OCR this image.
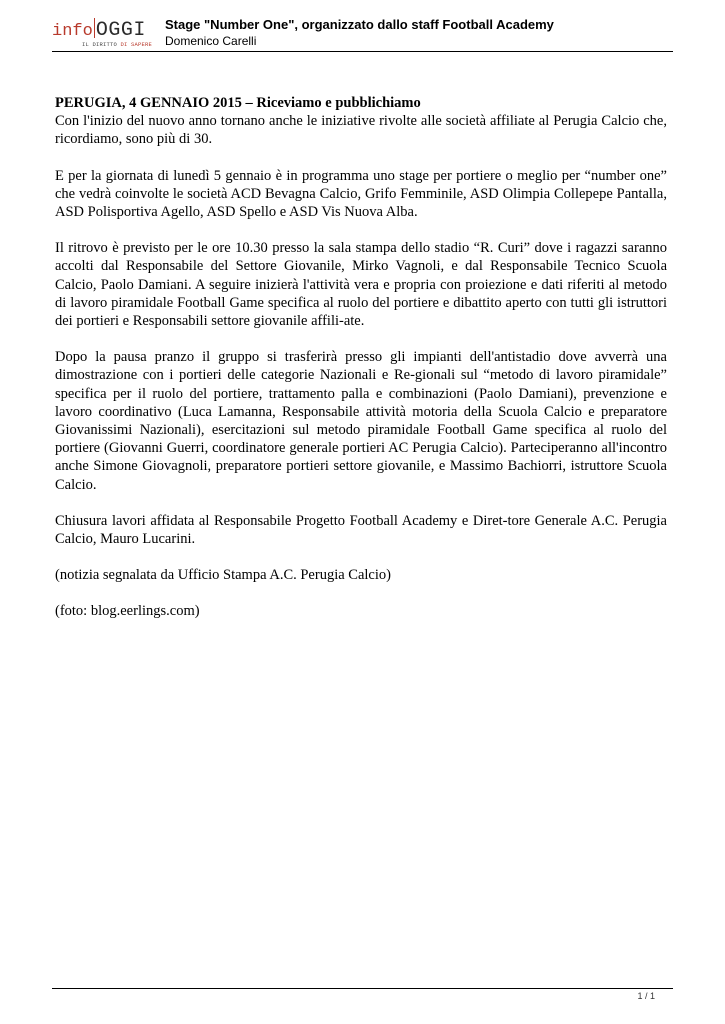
info OGGI
IL DIRITTO DI SAPERE
Stage "Number One", organizzato dallo staff Football Academy
Domenico Carelli
PERUGIA, 4 GENNAIO 2015 – Riceviamo e pubblichiamo

Con l'inizio del nuovo anno tornano anche le iniziative rivolte alle società affiliate al Perugia Calcio che, ricordiamo, sono più di 30.

E per la giornata di lunedì 5 gennaio è in programma uno stage per portiere o meglio per “number one” che vedrà coinvolte le società ACD Bevagna Calcio, Grifo Femminile, ASD Olimpia Collepepe Pantalla, ASD Polisportiva Agello, ASD Spello e ASD Vis Nuova Alba.

Il ritrovo è previsto per le ore 10.30 presso la sala stampa dello stadio “R. Curi” dove i ragazzi saranno accolti dal Responsabile del Settore Giovanile, Mirko Vagnoli, e dal Responsabile Tecnico Scuola Calcio, Paolo Damiani. A seguire inizierà l'attività vera e propria con proiezione e dati riferiti al metodo di lavoro piramidale Football Game specifica al ruolo del portiere e dibattito aperto con tutti gli istruttori dei portieri e Responsabili settore giovanile affili-ate.

Dopo la pausa pranzo il gruppo si trasferirà presso gli impianti dell'antistadio dove avverrà una dimostrazione con i portieri delle categorie Nazionali e Re-gionali sul “metodo di lavoro piramidale” specifica per il ruolo del portiere, trattamento palla e combinazioni (Paolo Damiani), prevenzione e lavoro coordinativo (Luca Lamanna, Responsabile attività motoria della Scuola Calcio e preparatore Giovanissimi Nazionali), esercitazioni sul metodo piramidale Football Game specifica al ruolo del portiere (Giovanni Guerri, coordinatore generale portieri AC Perugia Calcio). Parteciperanno all'incontro anche Simone Giovagnoli, preparatore portieri settore giovanile, e Massimo Bachiorri, istruttore Scuola Calcio.

Chiusura lavori affidata al Responsabile Progetto Football Academy e Diret-tore Generale A.C. Perugia Calcio, Mauro Lucarini.

(notizia segnalata da Ufficio Stampa A.C. Perugia Calcio)

(foto: blog.eerlings.com)

1 / 1
